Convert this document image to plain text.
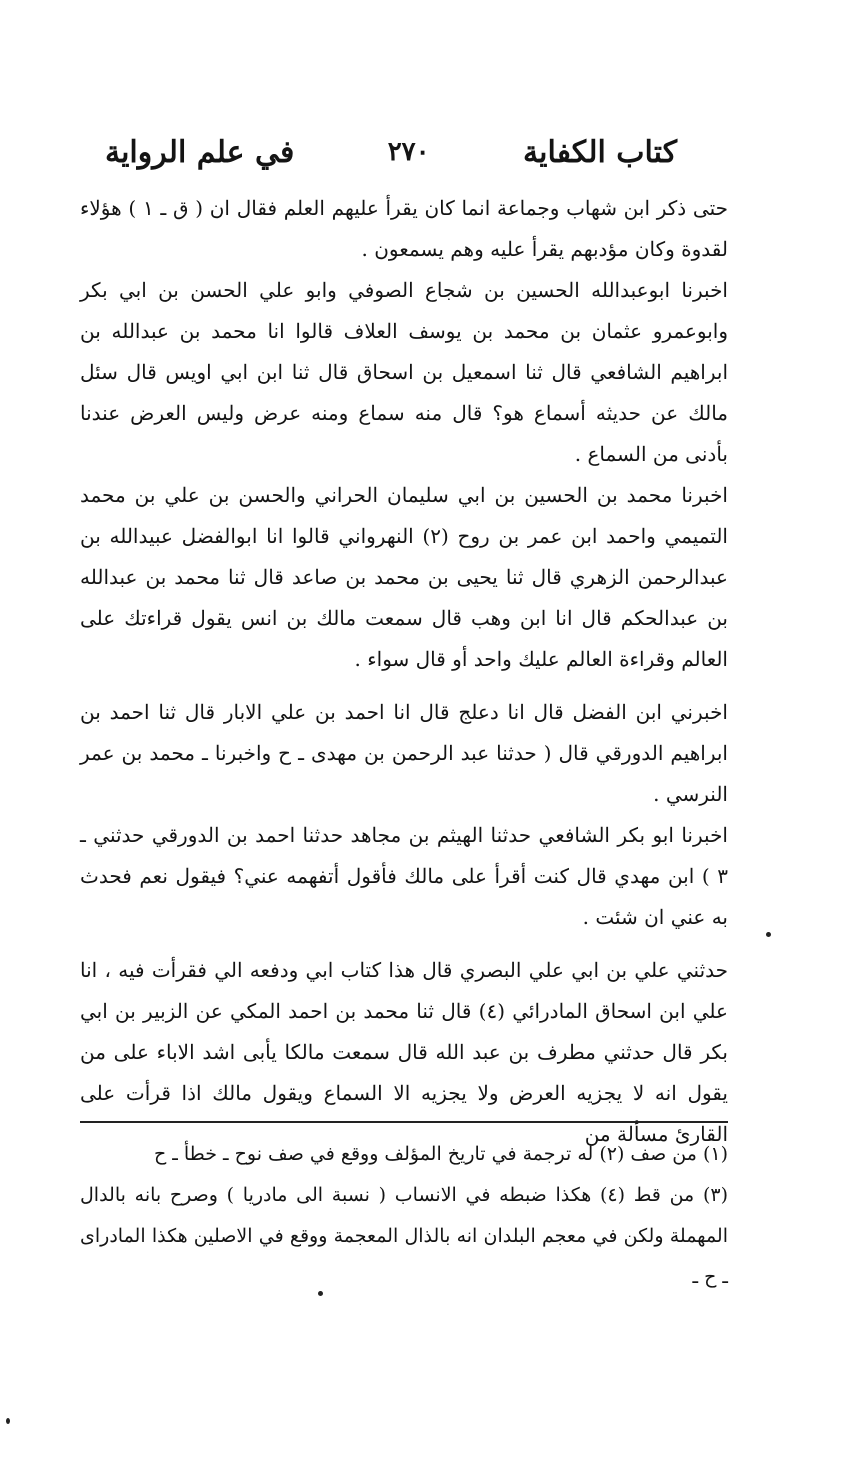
كتاب الكفاية
٢٧٠
في علم الرواية

حتى ذكر ابن شهاب وجماعة انما كان يقرأ عليهم العلم فقال ان ( ق ـ ١ ) هؤلاء لقدوة وكان مؤدبهم يقرأ عليه وهم يسمعون .

اخبرنا ابوعبدالله الحسين بن شجاع الصوفي وابو علي الحسن بن ابي بكر وابوعمرو عثمان بن محمد بن يوسف العلاف قالوا انا محمد بن عبدالله بن ابراهيم الشافعي قال ثنا اسمعيل بن اسحاق قال ثنا ابن ابي اويس قال سئل مالك عن حديثه أسماع هو؟ قال منه سماع ومنه عرض وليس العرض عندنا بأدنى من السماع .

اخبرنا محمد بن الحسين بن ابي سليمان الحراني والحسن بن علي بن محمد التميمي واحمد ابن عمر بن روح (٢) النهرواني قالوا انا ابوالفضل عبيدالله بن عبدالرحمن الزهري قال ثنا يحيى بن محمد بن صاعد قال ثنا محمد بن عبدالله بن عبدالحكم قال انا ابن وهب قال سمعت مالك بن انس يقول قراءتك على العالم وقراءة العالم عليك واحد أو قال سواء .

اخبرني ابن الفضل قال انا دعلج قال انا احمد بن علي الابار قال ثنا احمد بن ابراهيم الدورقي قال ( حدثنا عبد الرحمن بن مهدى ـ ح واخبرنا ـ محمد بن عمر النرسي .

اخبرنا ابو بكر الشافعي حدثنا الهيثم بن مجاهد حدثنا احمد بن الدورقي حدثني ـ ٣ ) ابن مهدي قال كنت أقرأ على مالك فأقول أتفهمه عني؟ فيقول نعم فحدث به عني ان شئت .

حدثني علي بن ابي علي البصري قال هذا كتاب ابي ودفعه الي فقرأت فيه ، انا علي ابن اسحاق المادرائي (٤) قال ثنا محمد بن احمد المكي عن الزبير بن ابي بكر قال حدثني مطرف بن عبد الله قال سمعت مالكا يأبى اشد الاباء على من يقول انه لا يجزيه العرض ولا يجزيه الا السماع ويقول مالك اذا قرأت على القارئ مسألة من

(١) من صف (٢) له ترجمة في تاريخ المؤلف ووقع في صف نوح ـ خطأ ـ ح

(٣) من قط (٤) هكذا ضبطه في الانساب ( نسبة الى مادريا ) وصرح بانه بالدال المهملة ولكن في معجم البلدان انه بالذال المعجمة ووقع في الاصلين هكذا المادراى ـ ح ـ
